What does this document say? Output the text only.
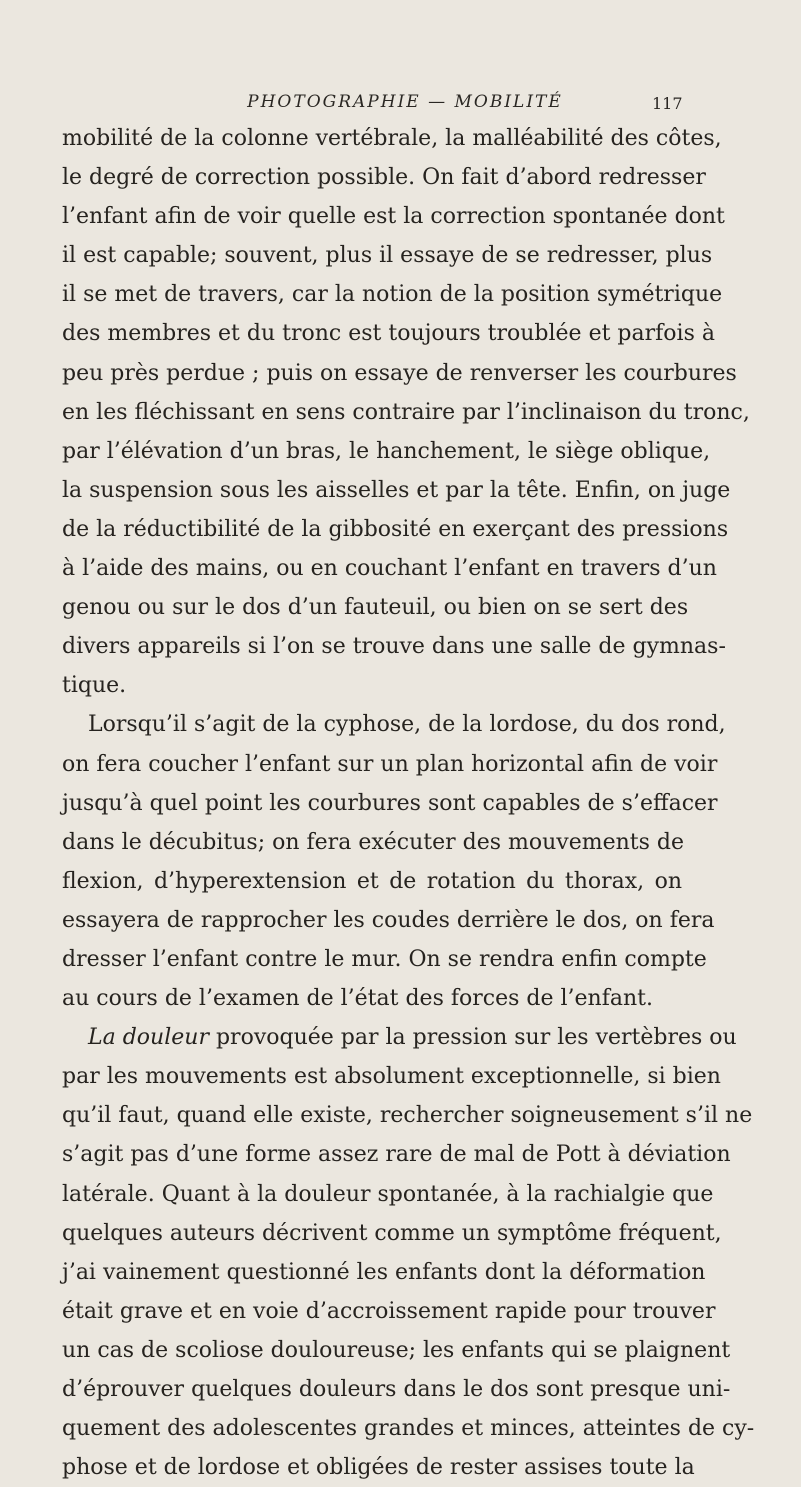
PHOTOGRAPHIE — MOBILITÉ	117
mobilité de la colonne vertébrale, la malléabilité des côtes,
le degré de correction possible. On fait d’abord redresser
l’enfant afin de voir quelle est la correction spontanée dont
il est capable; souvent, plus il essaye de se redresser, plus
il se met de travers, car la notion de la position symétrique
des membres et du tronc est toujours troublée et parfois à
peu près perdue ; puis on essaye de renverser les courbures
en les fléchissant en sens contraire par l’inclinaison du tronc,
par l’élévation d’un bras, le hanchement, le siège oblique,
la suspension sous les aisselles et par la tête. Enfin, on juge
de la réductibilité de la gibbosité en exerçant des pressions
à l’aide des mains, ou en couchant l’enfant en travers d’un
genou ou sur le dos d’un fauteuil, ou bien on se sert des
divers appareils si l’on se trouve dans une salle de gymnas-
tique.
Lorsqu’il s’agit de la cyphose, de la lordose, du dos rond,
on fera coucher l’enfant sur un plan horizontal afin de voir
jusqu’à quel point les courbures sont capables de s’effacer
dans le décubitus; on fera exécuter des mouvements de
flexion, d’hyperextension et de rotation du thorax, on
essayera de rapprocher les coudes derrière le dos, on fera
dresser l’enfant contre le mur. On se rendra enfin compte
au cours de l’examen de l’état des forces de l’enfant.
La douleur provoquée par la pression sur les vertèbres ou
par les mouvements est absolument exceptionnelle, si bien
qu’il faut, quand elle existe, rechercher soigneusement s’il ne
s’agit pas d’une forme assez rare de mal de Pott à déviation
latérale. Quant à la douleur spontanée, à la rachialgie que
quelques auteurs décrivent comme un symptôme fréquent,
j’ai vainement questionné les enfants dont la déformation
était grave et en voie d’accroissement rapide pour trouver
un cas de scoliose douloureuse; les enfants qui se plaignent
d’éprouver quelques douleurs dans le dos sont presque uni-
quement des adolescentes grandes et minces, atteintes de cy-
phose et de lordose et obligées de rester assises toute la
